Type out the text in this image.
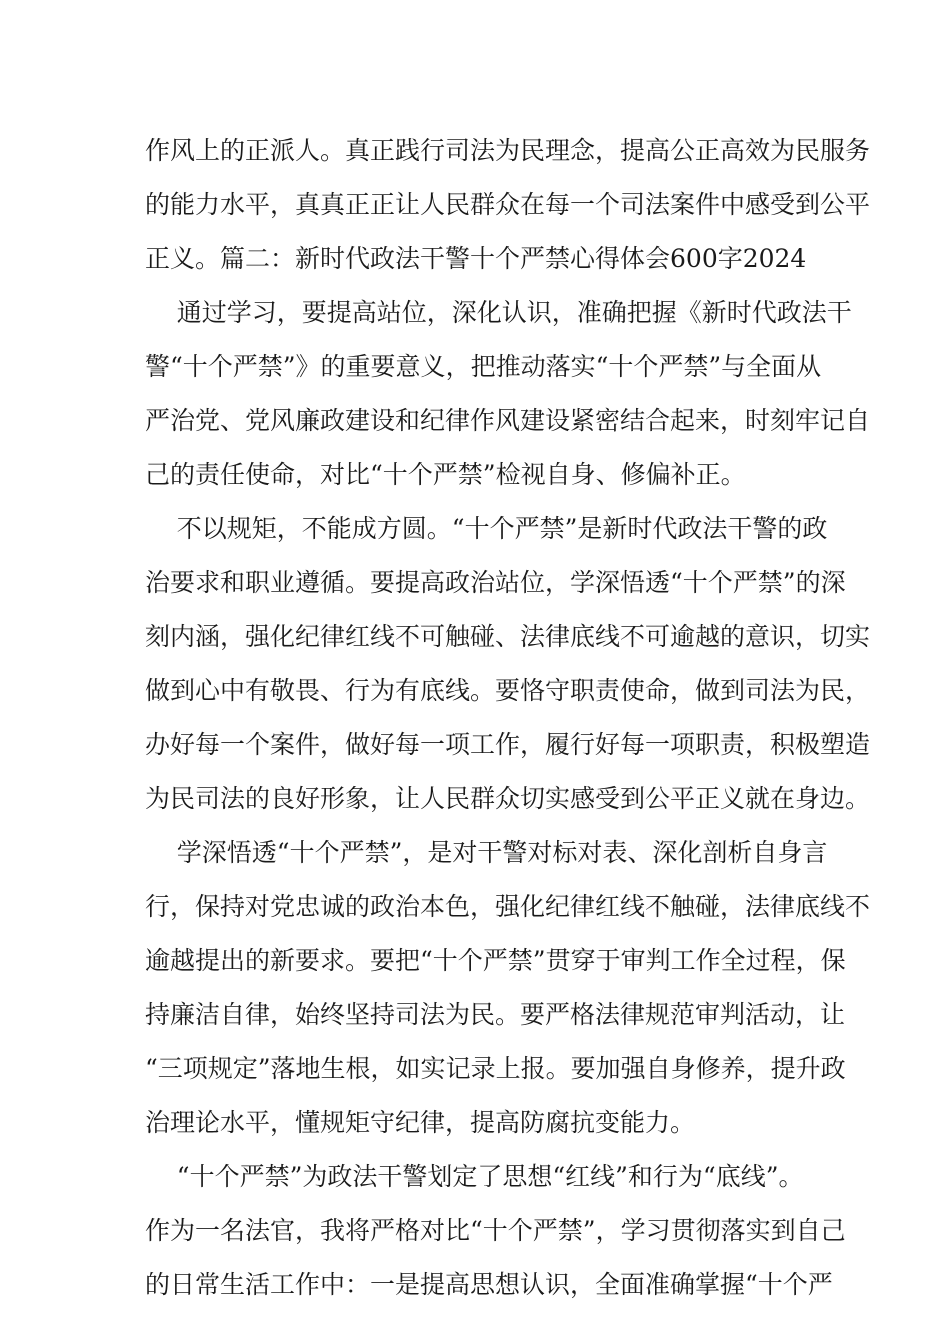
作风上的正派人。真正践行司法为民理念，提高公正高效为民服务
的能力水平，真真正正让人民群众在每一个司法案件中感受到公平
正义。篇二：新时代政法干警十个严禁心得体会600字2024
通过学习，要提高站位，深化认识，准确把握《新时代政法干
警“十个严禁”》的重要意义，把推动落实“十个严禁”与全面从
严治党、党风廉政建设和纪律作风建设紧密结合起来，时刻牢记自
己的责任使命，对比“十个严禁”检视自身、修偏补正。
不以规矩，不能成方圆。“十个严禁”是新时代政法干警的政
治要求和职业遵循。要提高政治站位，学深悟透“十个严禁”的深
刻内涵，强化纪律红线不可触碰、法律底线不可逾越的意识，切实
做到心中有敬畏、行为有底线。要恪守职责使命，做到司法为民，
办好每一个案件，做好每一项工作，履行好每一项职责，积极塑造
为民司法的良好形象，让人民群众切实感受到公平正义就在身边。
学深悟透“十个严禁”，是对干警对标对表、深化剖析自身言
行，保持对党忠诚的政治本色，强化纪律红线不触碰，法律底线不
逾越提出的新要求。要把“十个严禁”贯穿于审判工作全过程，保
持廉洁自律，始终坚持司法为民。要严格法律规范审判活动，让
“三项规定”落地生根，如实记录上报。要加强自身修养，提升政
治理论水平，懂规矩守纪律，提高防腐抗变能力。
“十个严禁”为政法干警划定了思想“红线”和行为“底线”。
作为一名法官，我将严格对比“十个严禁”，学习贯彻落实到自己
的日常生活工作中：一是提高思想认识，全面准确掌握“十个严
